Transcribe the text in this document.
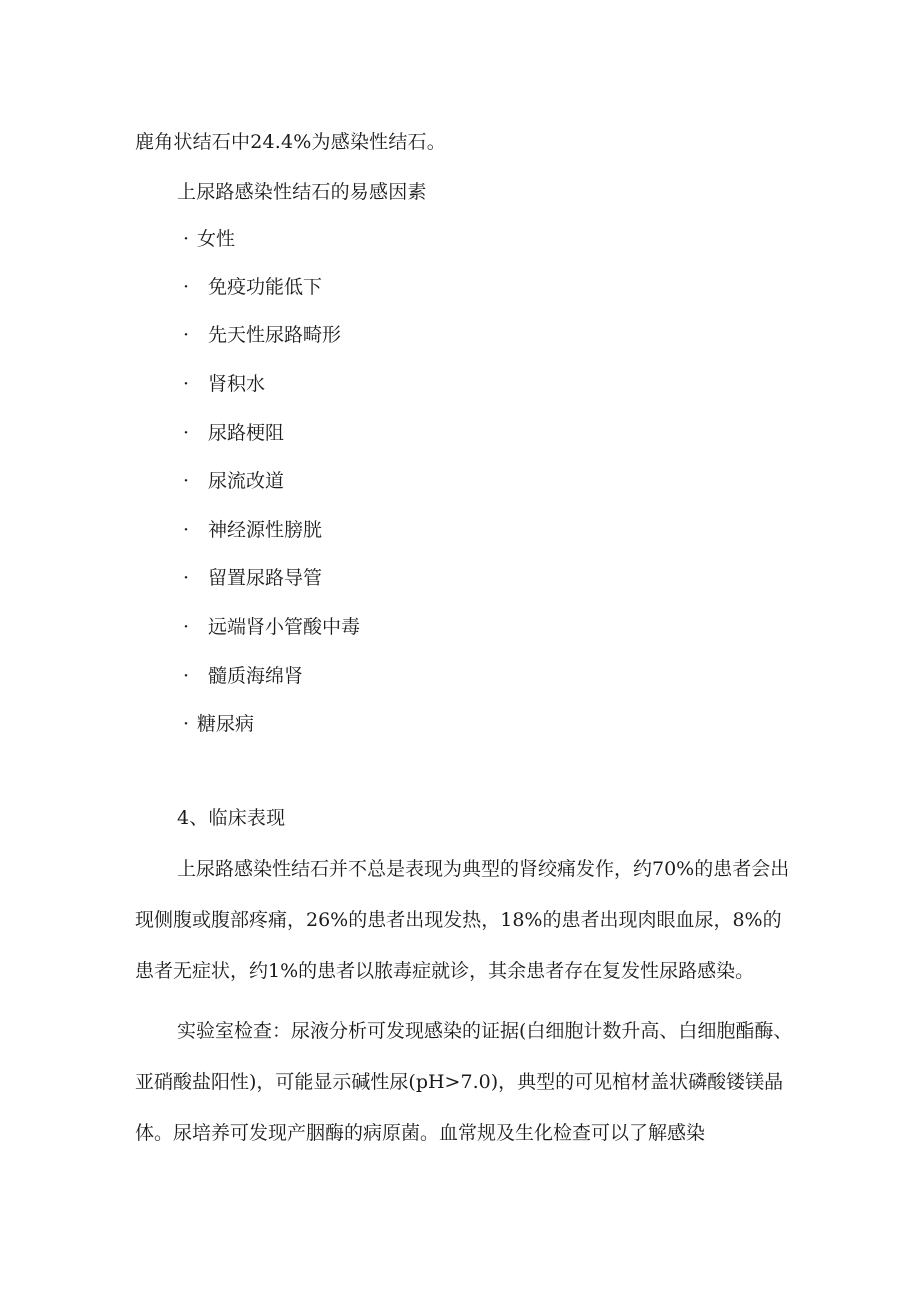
鹿角状结石中24.4%为感染性结石。
上尿路感染性结石的易感因素
· 女性
· 免疫功能低下
· 先天性尿路畸形
· 肾积水
· 尿路梗阻
· 尿流改道
· 神经源性膀胱
· 留置尿路导管
· 远端肾小管酸中毒
· 髓质海绵肾
· 糖尿病
4、临床表现
上尿路感染性结石并不总是表现为典型的肾绞痛发作，约70%的患者会出现侧腹或腹部疼痛，26%的患者出现发热，18%的患者出现肉眼血尿，8%的患者无症状，约1%的患者以脓毒症就诊，其余患者存在复发性尿路感染。
实验室检查：尿液分析可发现感染的证据(白细胞计数升高、白细胞酯酶、亚硝酸盐阳性)，可能显示碱性尿(pH>7.0)，典型的可见棺材盖状磷酸镂镁晶体。尿培养可发现产胭酶的病原菌。血常规及生化检查可以了解感染
